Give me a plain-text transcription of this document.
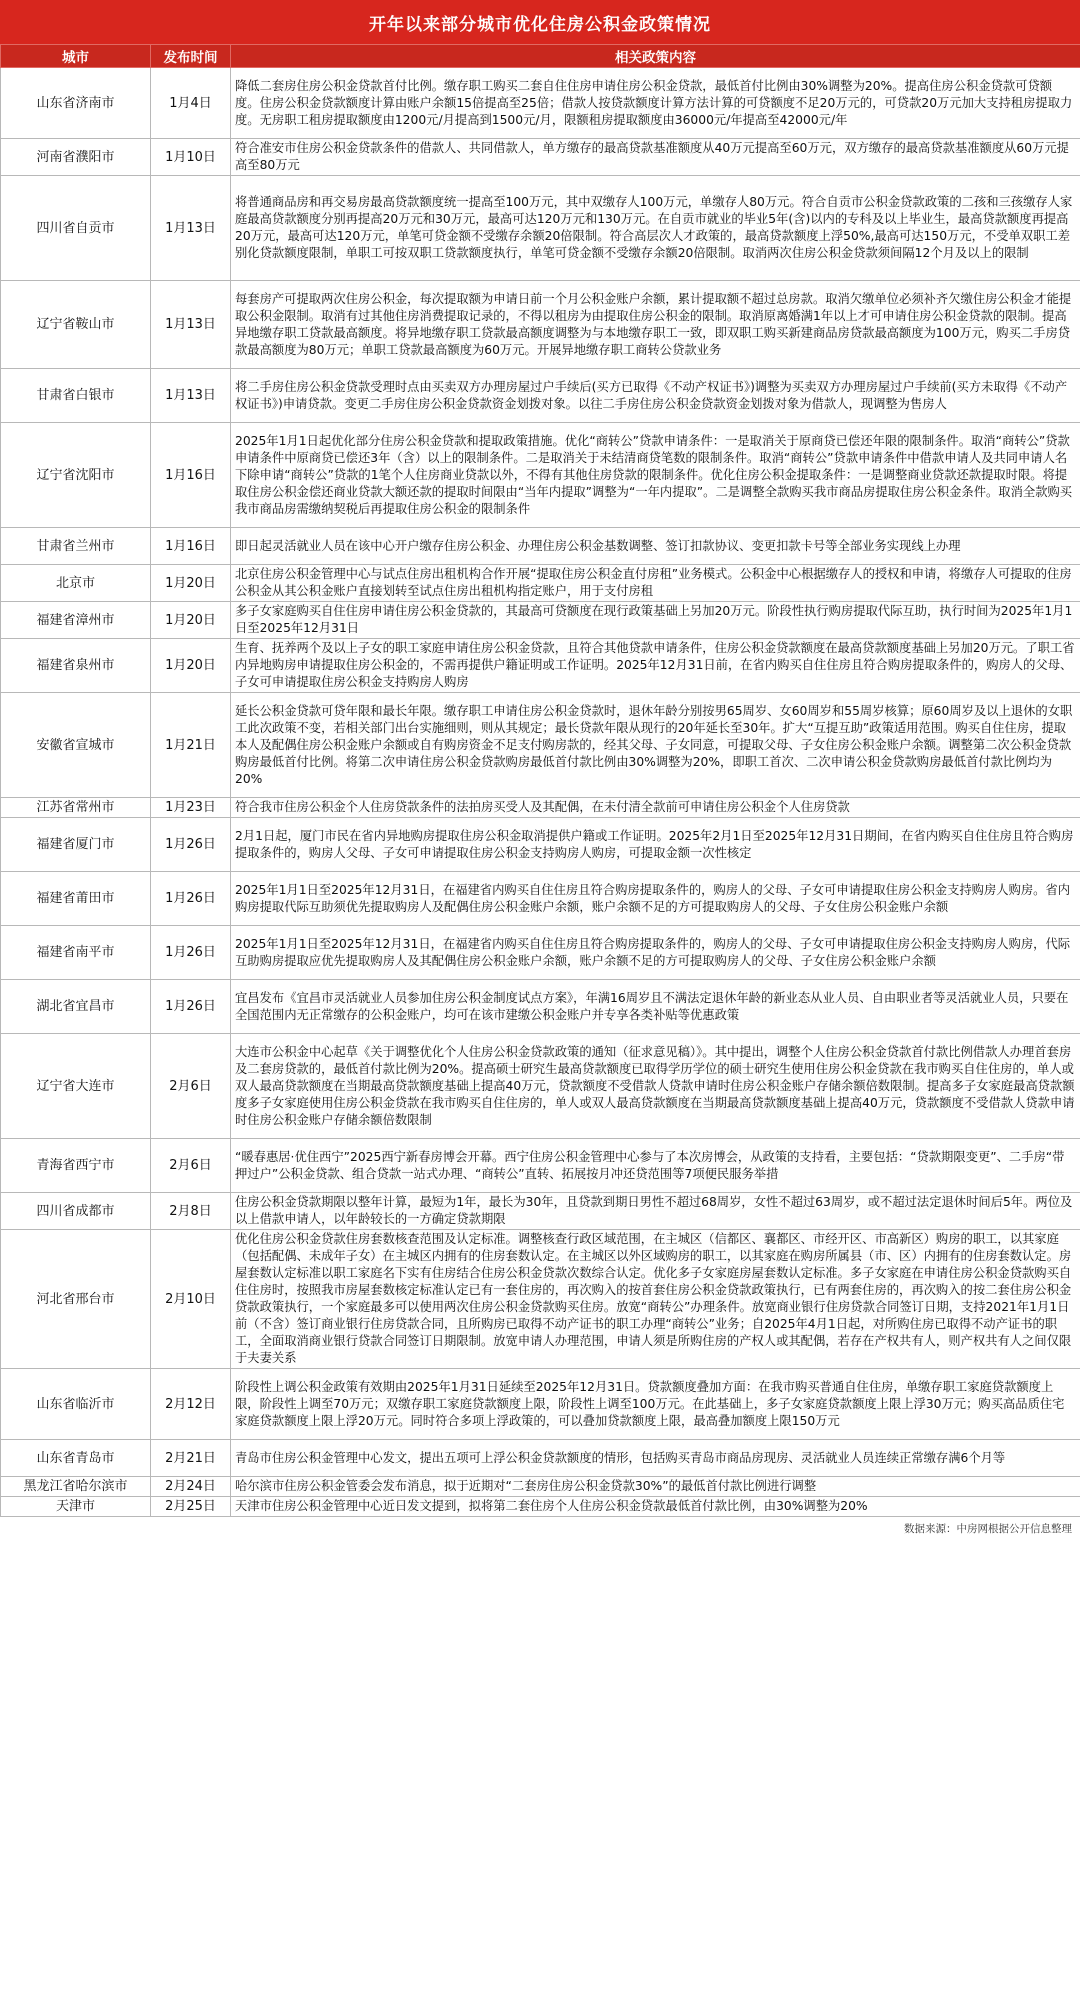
开年以来部分城市优化住房公积金政策情况
城市	发布时间	相关政策内容
山东省济南市	1月4日	降低二套房住房公积金贷款首付比例。缴存职工购买二套自住住房申请住房公积金贷款，最低首付比例由30%调整为20%。提高住房公积金贷款可贷额度。住房公积金贷款额度计算由账户余额15倍提高至25倍；借款人按贷款额度计算方法计算的可贷额度不足20万元的，可贷款20万元加大支持租房提取力度。无房职工租房提取额度由1200元/月提高到1500元/月，限额租房提取额度由36000元/年提高至42000元/年
河南省濮阳市	1月10日	符合准安市住房公积金贷款条件的借款人、共同借款人，单方缴存的最高贷款基准额度从40万元提高至60万元，双方缴存的最高贷款基准额度从60万元提高至80万元
四川省自贡市	1月13日	将普通商品房和再交易房最高贷款额度统一提高至100万元，其中双缴存人100万元，单缴存人80万元。符合自贡市公积金贷款政策的二孩和三孩缴存人家庭最高贷款额度分别再提高20万元和30万元，最高可达120万元和130万元。在自贡市就业的毕业5年(含)以内的专科及以上毕业生，最高贷款额度再提高20万元，最高可达120万元，单笔可贷金额不受缴存余额20倍限制。符合高层次人才政策的，最高贷款额度上浮50%,最高可达150万元，不受单双职工差别化贷款额度限制，单职工可按双职工贷款额度执行，单笔可贷金额不受缴存余额20倍限制。取消两次住房公积金贷款须间隔12个月及以上的限制
辽宁省鞍山市	1月13日	每套房产可提取两次住房公积金，每次提取额为申请日前一个月公积金账户余额，累计提取额不超过总房款。取消欠缴单位必须补齐欠缴住房公积金才能提取公积金限制。取消有过其他住房消费提取记录的，不得以租房为由提取住房公积金的限制。取消原离婚满1年以上才可申请住房公积金贷款的限制。提高异地缴存职工贷款最高额度。将异地缴存职工贷款最高额度调整为与本地缴存职工一致，即双职工购买新建商品房贷款最高额度为100万元，购买二手房贷款最高额度为80万元；单职工贷款最高额度为60万元。开展异地缴存职工商转公贷款业务
甘肃省白银市	1月13日	将二手房住房公积金贷款受理时点由买卖双方办理房屋过户手续后(买方已取得《不动产权证书》)调整为买卖双方办理房屋过户手续前(买方未取得《不动产权证书》)申请贷款。变更二手房住房公积金贷款资金划拨对象。以往二手房住房公积金贷款资金划拨对象为借款人，现调整为售房人
辽宁省沈阳市	1月16日	2025年1月1日起优化部分住房公积金贷款和提取政策措施。优化“商转公”贷款申请条件：一是取消关于原商贷已偿还年限的限制条件。取消“商转公”贷款申请条件中原商贷已偿还3年（含）以上的限制条件。二是取消关于未结清商贷笔数的限制条件。取消“商转公”贷款申请条件中借款申请人及共同申请人名下除申请“商转公”贷款的1笔个人住房商业贷款以外，不得有其他住房贷款的限制条件。优化住房公积金提取条件：一是调整商业贷款还款提取时限。将提取住房公积金偿还商业贷款大额还款的提取时间限由“当年内提取”调整为“一年内提取”。二是调整全款购买我市商品房提取住房公积金条件。取消全款购买我市商品房需缴纳契税后再提取住房公积金的限制条件
甘肃省兰州市	1月16日	即日起灵活就业人员在该中心开户缴存住房公积金、办理住房公积金基数调整、签订扣款协议、变更扣款卡号等全部业务实现线上办理
北京市	1月20日	北京住房公积金管理中心与试点住房出租机构合作开展“提取住房公积金直付房租”业务模式。公积金中心根据缴存人的授权和申请，将缴存人可提取的住房公积金从其公积金账户直接划转至试点住房出租机构指定账户，用于支付房租
福建省漳州市	1月20日	多子女家庭购买自住住房申请住房公积金贷款的，其最高可贷额度在现行政策基础上另加20万元。阶段性执行购房提取代际互助，执行时间为2025年1月1日至2025年12月31日
福建省泉州市	1月20日	生育、抚养两个及以上子女的职工家庭申请住房公积金贷款，且符合其他贷款申请条件，住房公积金贷款额度在最高贷款额度基础上另加20万元。了职工省内异地购房申请提取住房公积金的，不需再提供户籍证明或工作证明。2025年12月31日前，在省内购买自住住房且符合购房提取条件的，购房人的父母、子女可申请提取住房公积金支持购房人购房
安徽省宣城市	1月21日	延长公积金贷款可贷年限和最长年限。缴存职工申请住房公积金贷款时，退休年龄分别按男65周岁、女60周岁和55周岁核算；原60周岁及以上退休的女职工此次政策不变，若相关部门出台实施细则，则从其规定；最长贷款年限从现行的20年延长至30年。扩大“互提互助”政策适用范围。购买自住住房，提取本人及配偶住房公积金账户余额或自有购房资金不足支付购房款的，经其父母、子女同意，可提取父母、子女住房公积金账户余额。调整第二次公积金贷款购房最低首付比例。将第二次申请住房公积金贷款购房最低首付款比例由30%调整为20%，即职工首次、二次申请公积金贷款购房最低首付款比例均为20%
江苏省常州市	1月23日	符合我市住房公积金个人住房贷款条件的法拍房买受人及其配偶，在未付清全款前可申请住房公积金个人住房贷款
福建省厦门市	1月26日	2月1日起，厦门市民在省内异地购房提取住房公积金取消提供户籍或工作证明。2025年2月1日至2025年12月31日期间，在省内购买自住住房且符合购房提取条件的，购房人父母、子女可申请提取住房公积金支持购房人购房，可提取金额一次性核定
福建省莆田市	1月26日	2025年1月1日至2025年12月31日，在福建省内购买自住住房且符合购房提取条件的，购房人的父母、子女可申请提取住房公积金支持购房人购房。省内购房提取代际互助须优先提取购房人及配偶住房公积金账户余额，账户余额不足的方可提取购房人的父母、子女住房公积金账户余额
福建省南平市	1月26日	2025年1月1日至2025年12月31日，在福建省内购买自住住房且符合购房提取条件的，购房人的父母、子女可申请提取住房公积金支持购房人购房，代际互助购房提取应优先提取购房人及其配偶住房公积金账户余额，账户余额不足的方可提取购房人的父母、子女住房公积金账户余额
湖北省宜昌市	1月26日	宜昌发布《宜昌市灵活就业人员参加住房公积金制度试点方案》，年满16周岁且不满法定退休年龄的新业态从业人员、自由职业者等灵活就业人员，只要在全国范围内无正常缴存的公积金账户，均可在该市建缴公积金账户并专享各类补贴等优惠政策
辽宁省大连市	2月6日	大连市公积金中心起草《关于调整优化个人住房公积金贷款政策的通知（征求意见稿）》。其中提出，调整个人住房公积金贷款首付款比例借款人办理首套房及二套房贷款的，最低首付款比例为20%。提高硕士研究生最高贷款额度已取得学历学位的硕士研究生使用住房公积金贷款在我市购买自住住房的，单人或双人最高贷款额度在当期最高贷款额度基础上提高40万元，贷款额度不受借款人贷款申请时住房公积金账户存储余额倍数限制。提高多子女家庭最高贷款额度多子女家庭使用住房公积金贷款在我市购买自住住房的，单人或双人最高贷款额度在当期最高贷款额度基础上提高40万元，贷款额度不受借款人贷款申请时住房公积金账户存储余额倍数限制
青海省西宁市	2月6日	“暖春惠居·优住西宁”2025西宁新春房博会开幕。西宁住房公积金管理中心参与了本次房博会，从政策的支持看，主要包括：“贷款期限变更”、二手房“带押过户”公积金贷款、组合贷款一站式办理、“商转公”直转、拓展按月冲还贷范围等7项便民服务举措
四川省成都市	2月8日	住房公积金贷款期限以整年计算，最短为1年，最长为30年，且贷款到期日男性不超过68周岁，女性不超过63周岁，或不超过法定退休时间后5年。两位及以上借款申请人，以年龄较长的一方确定贷款期限
河北省邢台市	2月10日	优化住房公积金贷款住房套数核查范围及认定标准。调整核查行政区域范围，在主城区（信都区、襄都区、市经开区、市高新区）购房的职工，以其家庭（包括配偶、未成年子女）在主城区内拥有的住房套数认定。在主城区以外区域购房的职工，以其家庭在购房所属县（市、区）内拥有的住房套数认定。房屋套数认定标准以职工家庭名下实有住房结合住房公积金贷款次数综合认定。优化多子女家庭房屋套数认定标准。多子女家庭在申请住房公积金贷款购买自住住房时，按照我市房屋套数核定标准认定已有一套住房的，再次购入的按首套住房公积金贷款政策执行，已有两套住房的，再次购入的按二套住房公积金贷款政策执行，一个家庭最多可以使用两次住房公积金贷款购买住房。放宽“商转公”办理条件。放宽商业银行住房贷款合同签订日期，支持2021年1月1日前（不含）签订商业银行住房贷款合同，且所购房已取得不动产证书的职工办理“商转公”业务；自2025年4月1日起，对所购住房已取得不动产证书的职工，全面取消商业银行贷款合同签订日期限制。放宽申请人办理范围，申请人须是所购住房的产权人或其配偶，若存在产权共有人，则产权共有人之间仅限于夫妻关系
山东省临沂市	2月12日	阶段性上调公积金政策有效期由2025年1月31日延续至2025年12月31日。贷款额度叠加方面：在我市购买普通自住住房，单缴存职工家庭贷款额度上限，阶段性上调至70万元；双缴存职工家庭贷款额度上限，阶段性上调至100万元。在此基础上，多子女家庭贷款额度上限上浮30万元；购买高品质住宅家庭贷款额度上限上浮20万元。同时符合多项上浮政策的，可以叠加贷款额度上限，最高叠加额度上限150万元
山东省青岛市	2月21日	青岛市住房公积金管理中心发文，提出五项可上浮公积金贷款额度的情形，包括购买青岛市商品房现房、灵活就业人员连续正常缴存满6个月等
黑龙江省哈尔滨市	2月24日	哈尔滨市住房公积金管委会发布消息，拟于近期对“二套房住房公积金贷款30%”的最低首付款比例进行调整
天津市	2月25日	天津市住房公积金管理中心近日发文提到，拟将第二套住房个人住房公积金贷款最低首付款比例，由30%调整为20%
数据来源：中房网根据公开信息整理
